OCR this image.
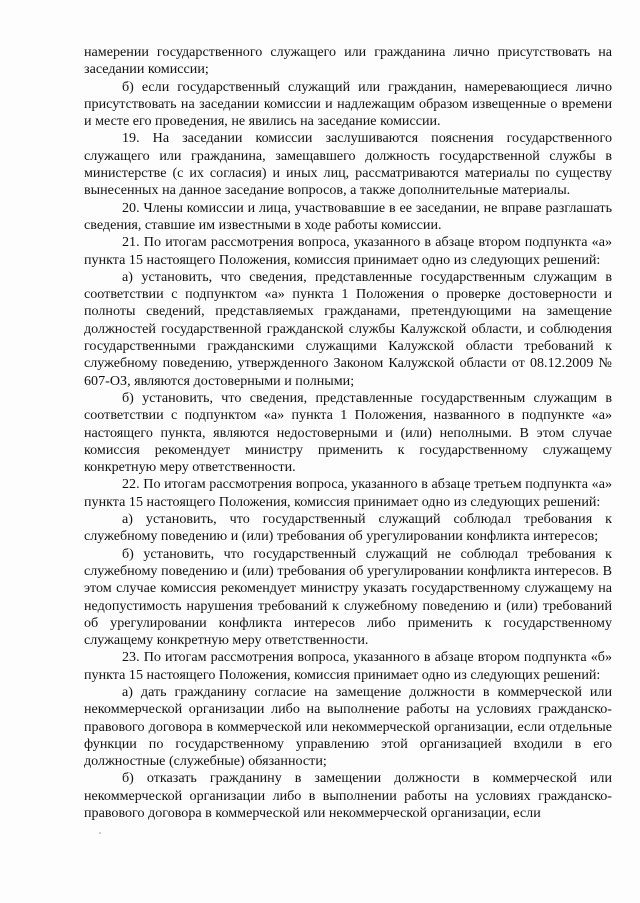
намерении государственного служащего или гражданина лично присутствовать на заседании комиссии;

б) если государственный служащий или гражданин, намеревающиеся лично присутствовать на заседании комиссии и надлежащим образом извещенные о времени и месте его проведения, не явились на заседание комиссии.

19. На заседании комиссии заслушиваются пояснения государственного служащего или гражданина, замещавшего должность государственной службы в министерстве (с их согласия) и иных лиц, рассматриваются материалы по существу вынесенных на данное заседание вопросов, а также дополнительные материалы.

20. Члены комиссии и лица, участвовавшие в ее заседании, не вправе разглашать сведения, ставшие им известными в ходе работы комиссии.

21. По итогам рассмотрения вопроса, указанного в абзаце втором подпункта «а» пункта 15 настоящего Положения, комиссия принимает одно из следующих решений:

а) установить, что сведения, представленные государственным служащим в соответствии с подпунктом «а» пункта 1 Положения о проверке достоверности и полноты сведений, представляемых гражданами, претендующими на замещение должностей государственной гражданской службы Калужской области, и соблюдения государственными гражданскими служащими Калужской области требований к служебному поведению, утвержденного Законом Калужской области от 08.12.2009 № 607-ОЗ, являются достоверными и полными;

б) установить, что сведения, представленные государственным служащим в соответствии с подпунктом «а» пункта 1 Положения, названного в подпункте «а» настоящего пункта, являются недостоверными и (или) неполными. В этом случае комиссия рекомендует министру применить к государственному служащему конкретную меру ответственности.

22. По итогам рассмотрения вопроса, указанного в абзаце третьем подпункта «а» пункта 15 настоящего Положения, комиссия принимает одно из следующих решений:

а) установить, что государственный служащий соблюдал требования к служебному поведению и (или) требования об урегулировании конфликта интересов;

б) установить, что государственный служащий не соблюдал требования к служебному поведению и (или) требования об урегулировании конфликта интересов. В этом случае комиссия рекомендует министру указать государственному служащему на недопустимость нарушения требований к служебному поведению и (или) требований об урегулировании конфликта интересов либо применить к государственному служащему конкретную меру ответственности.

23. По итогам рассмотрения вопроса, указанного в абзаце втором подпункта «б» пункта 15 настоящего Положения, комиссия принимает одно из следующих решений:

а) дать гражданину согласие на замещение должности в коммерческой или некоммерческой организации либо на выполнение работы на условиях гражданско-правового договора в коммерческой или некоммерческой организации, если отдельные функции по государственному управлению этой организацией входили в его должностные (служебные) обязанности;

б) отказать гражданину в замещении должности в коммерческой или некоммерческой организации либо в выполнении работы на условиях гражданско-правового договора в коммерческой или некоммерческой организации, если
